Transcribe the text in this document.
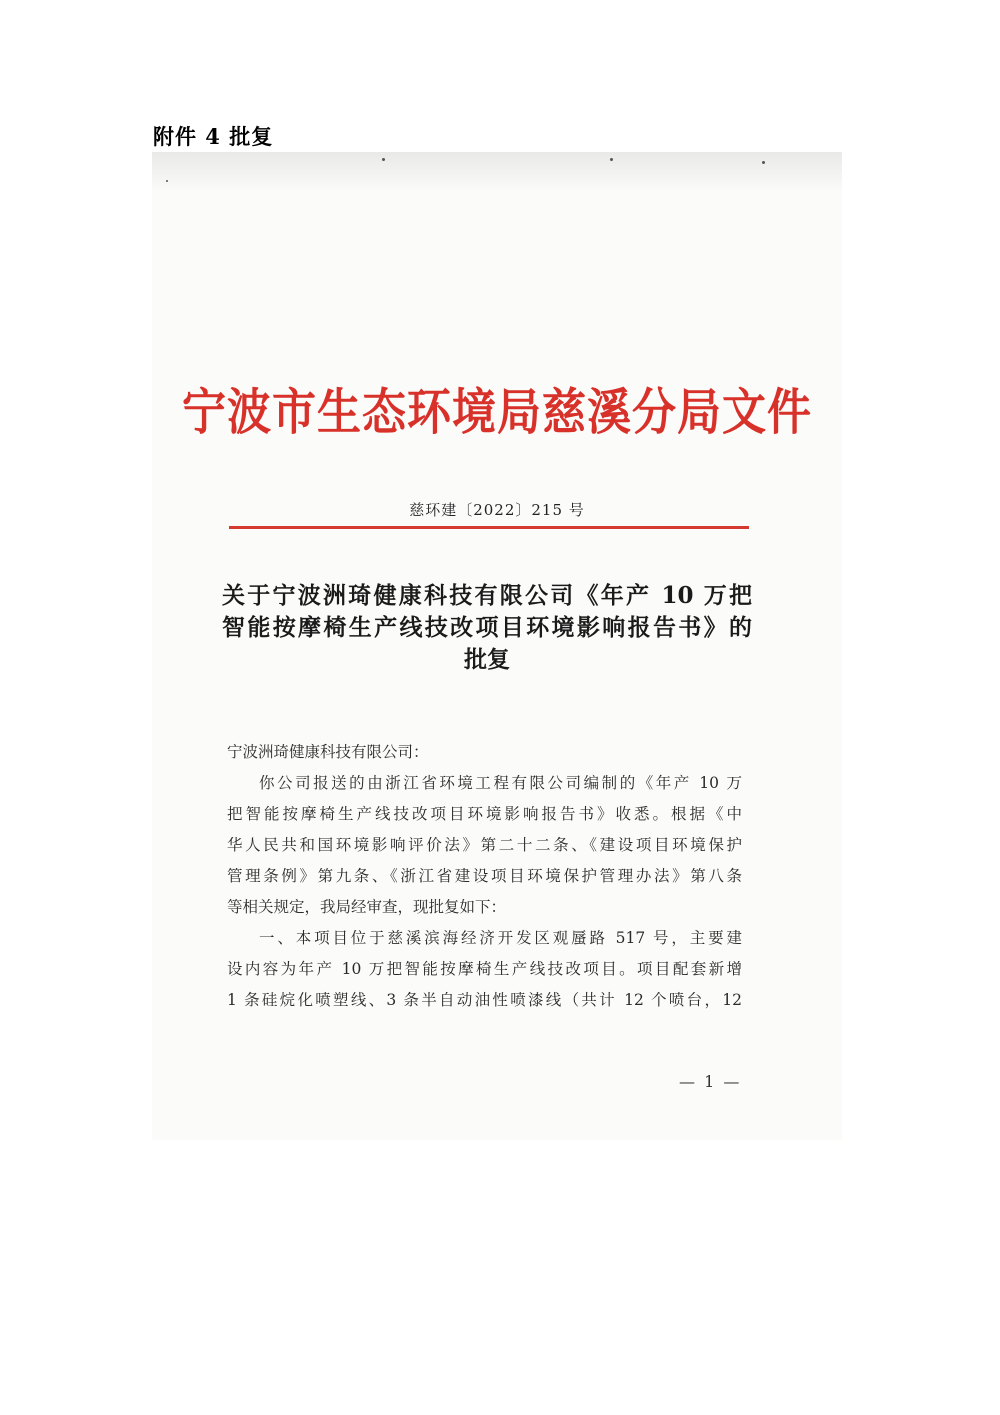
附件 4 批复
宁波市生态环境局慈溪分局文件
慈环建〔2022〕215 号
关于宁波洲琦健康科技有限公司《年产 10 万把
智能按摩椅生产线技改项目环境影响报告书》的
批复
宁波洲琦健康科技有限公司：
你公司报送的由浙江省环境工程有限公司编制的《年产 10 万
把智能按摩椅生产线技改项目环境影响报告书》收悉。根据《中
华人民共和国环境影响评价法》第二十二条、《建设项目环境保护
管理条例》第九条、《浙江省建设项目环境保护管理办法》第八条
等相关规定，我局经审查，现批复如下：
一、本项目位于慈溪滨海经济开发区观蜃路 517 号，主要建
设内容为年产 10 万把智能按摩椅生产线技改项目。项目配套新增
1 条硅烷化喷塑线、3 条半自动油性喷漆线（共计 12 个喷台，12
— 1 —
